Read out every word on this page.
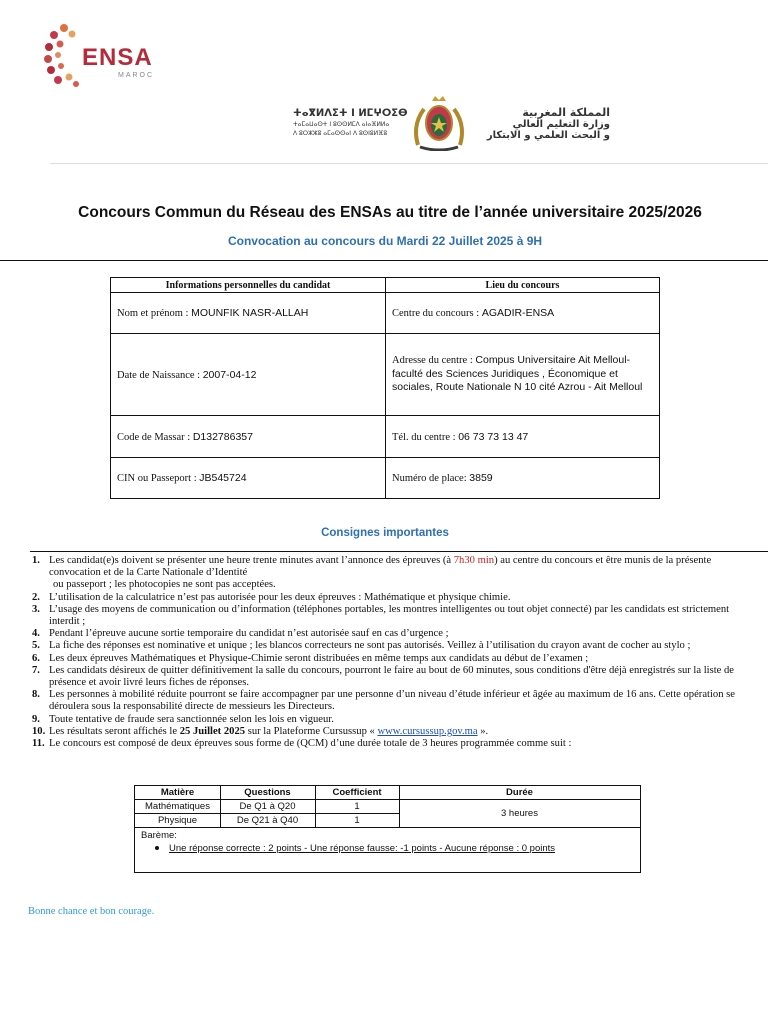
ENSA
MAROC
ⵜⴰⴳⵍⴷⵉⵜ ⵏ ⵍⵎⵖⵔⵉⴱ
ⵜⴰⵎⴰⵡⴰⵙⵜ ⵏ ⵓⵙⵙⵍⵎⴷ ⴰⵏⴰⴼⵍⵍⴰ
ⴷ ⵓⵔⵣⵣⵓ ⴰⵎⴰⵙⵙⴰⵏ ⴷ ⵓⵙⵏⵓⵍⴼⵓ
المملكة المغربية
وزارة التعليم العالي
و البحث العلمي و الابتكار
Concours Commun du Réseau des ENSAs au titre de l’année universitaire 2025/2026
Convocation au concours du Mardi 22 Juillet 2025 à 9H
Informations personnelles du candidat	Lieu du concours
Nom et prénom : MOUNFIK NASR-ALLAH	Centre du concours : AGADIR-ENSA
Date de Naissance : 2007-04-12	Adresse du centre : Compus Universitaire Ait Melloul- faculté des Sciences Juridiques , Économique et sociales, Route Nationale N 10 cité Azrou - Ait Melloul
Code de Massar : D132786357	Tél. du centre : 06 73 73 13 47
CIN ou Passeport : JB545724	Numéro de place: 3859
Consignes importantes
1. Les candidat(e)s doivent se présenter une heure trente minutes avant l’annonce des épreuves (à 7h30 min) au centre du concours et être munis de la présente convocation et de la Carte Nationale d’Identité
ou passeport ; les photocopies ne sont pas acceptées.
2. L’utilisation de la calculatrice n’est pas autorisée pour les deux épreuves : Mathématique et physique chimie.
3. L’usage des moyens de communication ou d’information (téléphones portables, les montres intelligentes ou tout objet connecté) par les candidats est strictement interdit ;
4. Pendant l’épreuve aucune sortie temporaire du candidat n’est autorisée sauf en cas d’urgence ;
5. La fiche des réponses est nominative et unique ; les blancos correcteurs ne sont pas autorisés. Veillez à l’utilisation du crayon avant de cocher au stylo ;
6. Les deux épreuves Mathématiques et Physique-Chimie seront distribuées en même temps aux candidats au début de l’examen ;
7. Les candidats désireux de quitter définitivement la salle du concours, pourront le faire au bout de 60 minutes, sous conditions d'être déjà enregistrés sur la liste de présence et avoir livré leurs fiches de réponses.
8. Les personnes à mobilité réduite pourront se faire accompagner par une personne d’un niveau d’étude inférieur et âgée au maximum de 16 ans. Cette opération se déroulera sous la responsabilité directe de messieurs les Directeurs.
9. Toute tentative de fraude sera sanctionnée selon les lois en vigueur.
10. Les résultats seront affichés le 25 Juillet 2025 sur la Plateforme Cursussup « www.cursussup.gov.ma ».
11. Le concours est composé de deux épreuves sous forme de (QCM) d’une durée totale de 3 heures programmée comme suit :
Matière	Questions	Coefficient	Durée
Mathématiques	De Q1 à Q20	1
Physique	De Q21 à Q40	1
3 heures
Barème:
Une réponse correcte : 2 points - Une réponse fausse: -1 points - Aucune réponse : 0 points
Bonne chance et bon courage.
